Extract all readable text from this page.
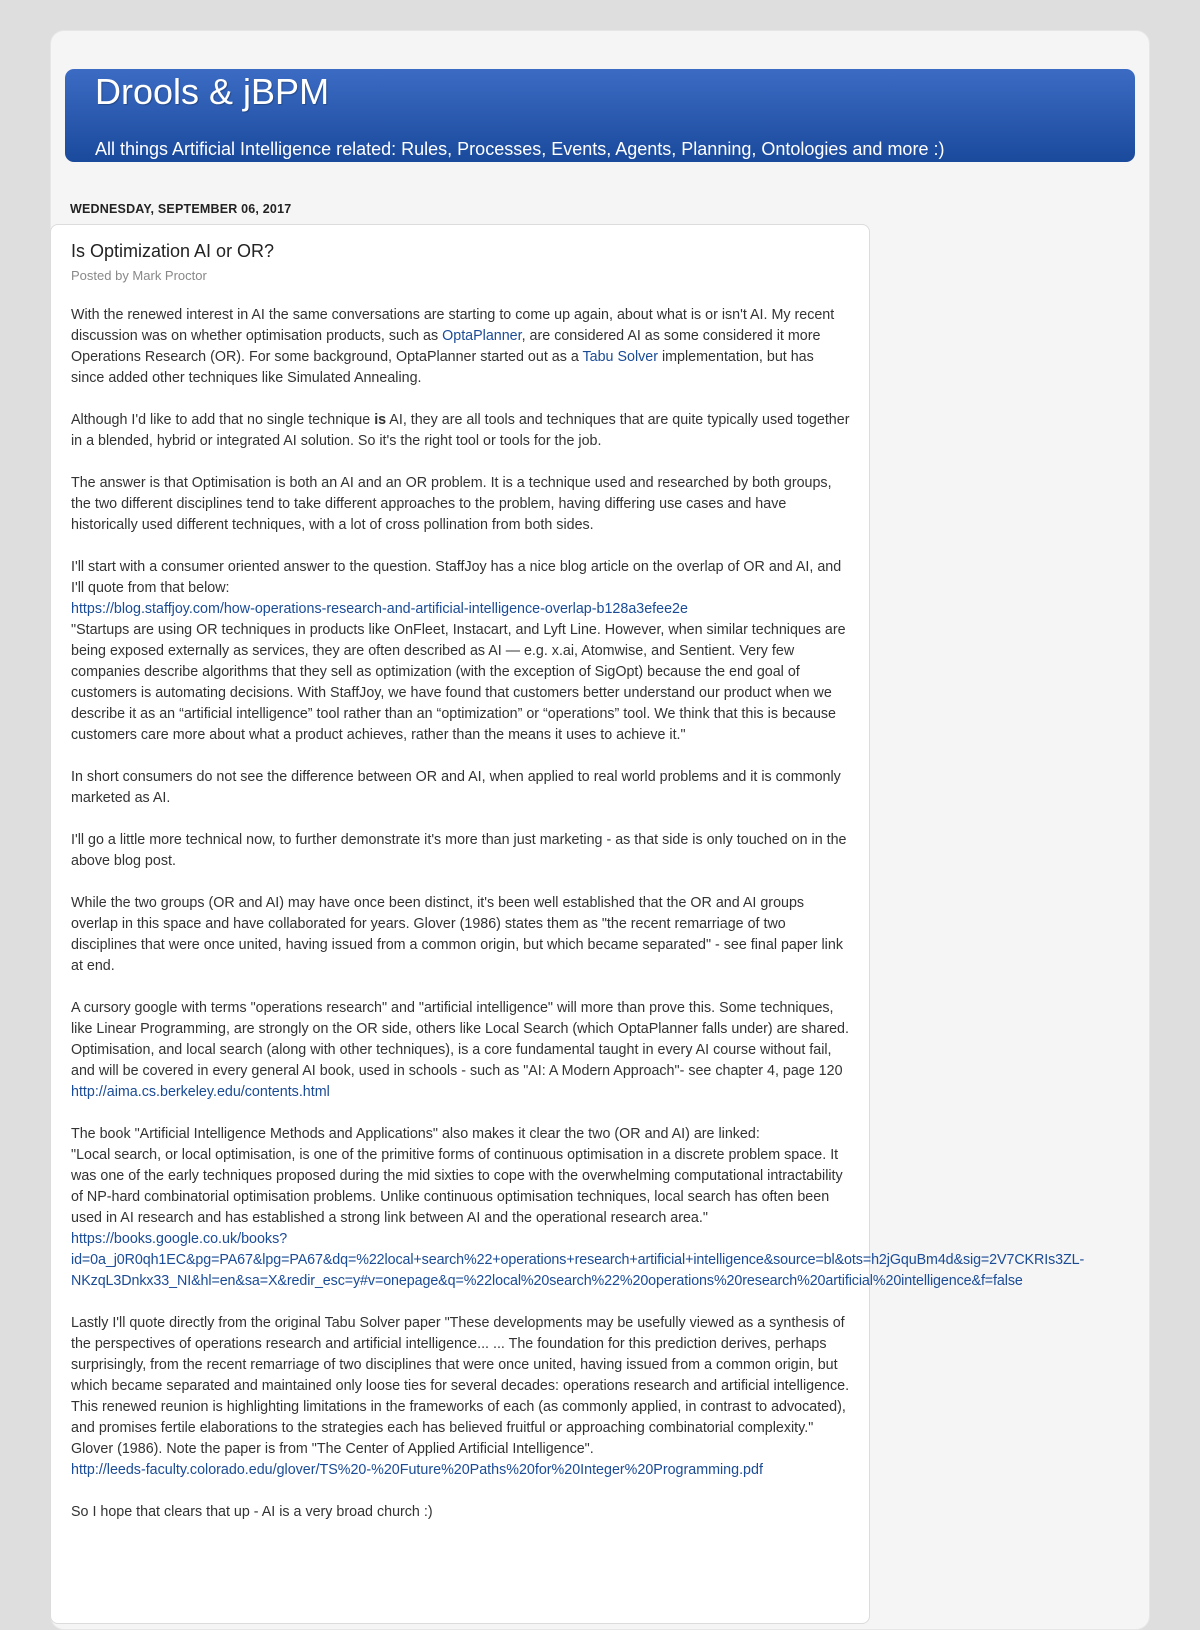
Drools & jBPM
All things Artificial Intelligence related: Rules, Processes, Events, Agents, Planning, Ontologies and more :)
WEDNESDAY, SEPTEMBER 06, 2017
Is Optimization AI or OR?
Posted by Mark Proctor

With the renewed interest in AI the same conversations are starting to come up again, about what is or isn't AI. My recent discussion was on whether optimisation products, such as OptaPlanner, are considered AI as some considered it more Operations Research (OR). For some background, OptaPlanner started out as a Tabu Solver implementation, but has since added other techniques like Simulated Annealing.

Although I'd like to add that no single technique is AI, they are all tools and techniques that are quite typically used together in a blended, hybrid or integrated AI solution. So it's the right tool or tools for the job.

The answer is that Optimisation is both an AI and an OR problem. It is a technique used and researched by both groups, the two different disciplines tend to take different approaches to the problem, having differing use cases and have historically used different techniques, with a lot of cross pollination from both sides.

I'll start with a consumer oriented answer to the question. StaffJoy has a nice blog article on the overlap of OR and AI, and I'll quote from that below:
https://blog.staffjoy.com/how-operations-research-and-artificial-intelligence-overlap-b128a3efee2e
"Startups are using OR techniques in products like OnFleet, Instacart, and Lyft Line. However, when similar techniques are being exposed externally as services, they are often described as AI — e.g. x.ai, Atomwise, and Sentient. Very few companies describe algorithms that they sell as optimization (with the exception of SigOpt) because the end goal of customers is automating decisions. With StaffJoy, we have found that customers better understand our product when we describe it as an “artificial intelligence” tool rather than an “optimization” or “operations” tool. We think that this is because customers care more about what a product achieves, rather than the means it uses to achieve it."

In short consumers do not see the difference between OR and AI, when applied to real world problems and it is commonly marketed as AI.

I'll go a little more technical now, to further demonstrate it's more than just marketing - as that side is only touched on in the above blog post.

While the two groups (OR and AI) may have once been distinct, it's been well established that the OR and AI groups overlap in this space and have collaborated for years. Glover (1986) states them as "the recent remarriage of two disciplines that were once united, having issued from a common origin, but which became separated" - see final paper link at end.

A cursory google with terms "operations research" and "artificial intelligence" will more than prove this. Some techniques, like Linear Programming, are strongly on the OR side, others like Local Search (which OptaPlanner falls under) are shared. Optimisation, and local search (along with other techniques), is a core fundamental taught in every AI course without fail, and will be covered in every general AI book, used in schools - such as "AI: A Modern Approach"- see chapter 4, page 120
http://aima.cs.berkeley.edu/contents.html

The book "Artificial Intelligence Methods and Applications" also makes it clear the two (OR and AI) are linked:
"Local search, or local optimisation, is one of the primitive forms of continuous optimisation in a discrete problem space. It was one of the early techniques proposed during the mid sixties to cope with the overwhelming computational intractability of NP-hard combinatorial optimisation problems. Unlike continuous optimisation techniques, local search has often been used in AI research and has established a strong link between AI and the operational research area."
https://books.google.co.uk/books?
id=0a_j0R0qh1EC&pg=PA67&lpg=PA67&dq=%22local+search%22+operations+research+artificial+intelligence&source=bl&ots=h2jGquBm4d&sig=2V7CKRIs3ZL-
NKzqL3Dnkx33_NI&hl=en&sa=X&redir_esc=y#v=onepage&q=%22local%20search%22%20operations%20research%20artificial%20intelligence&f=false

Lastly I'll quote directly from the original Tabu Solver paper "These developments may be usefully viewed as a synthesis of the perspectives of operations research and artificial intelligence... ... The foundation for this prediction derives, perhaps surprisingly, from the recent remarriage of two disciplines that were once united, having issued from a common origin, but which became separated and maintained only loose ties for several decades: operations research and artificial intelligence. This renewed reunion is highlighting limitations in the frameworks of each (as commonly applied, in contrast to advocated), and promises fertile elaborations to the strategies each has believed fruitful or approaching combinatorial complexity." Glover (1986). Note the paper is from "The Center of Applied Artificial Intelligence".
http://leeds-faculty.colorado.edu/glover/TS%20-%20Future%20Paths%20for%20Integer%20Programming.pdf

So I hope that clears that up - AI is a very broad church :)
